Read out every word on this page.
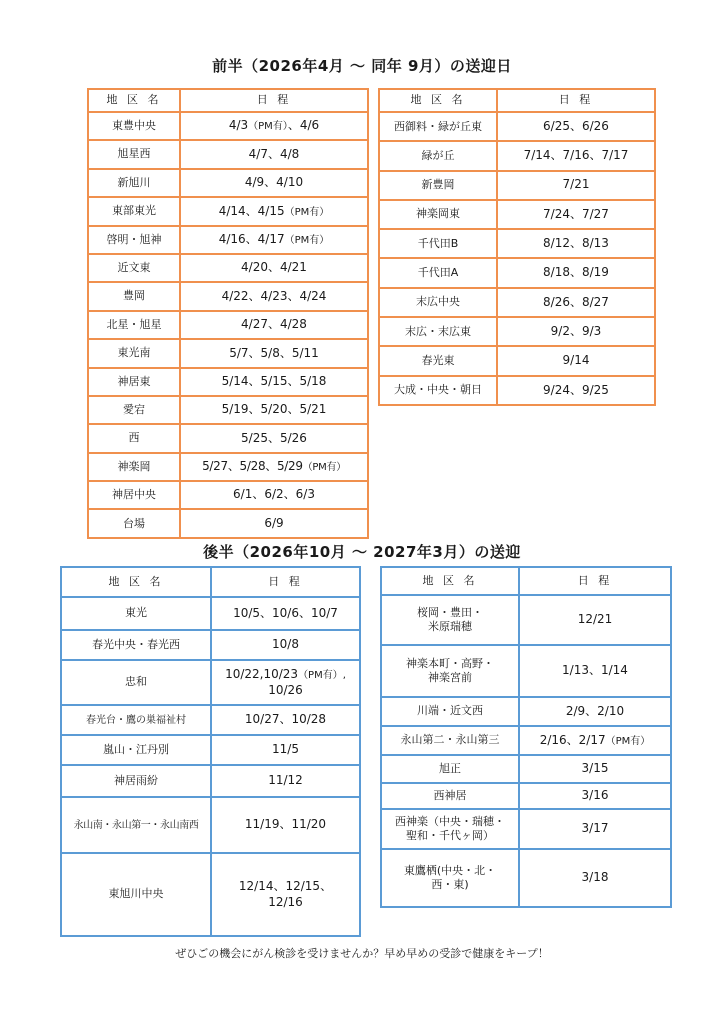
前半（2026年4月 ～ 同年 9月）の送迎日
地 区 名	日 程
東豊中央	4/3（PM有）、4/6
旭星西	4/7、4/8
新旭川	4/9、4/10
東部東光	4/14、4/15（PM有）
啓明・旭神	4/16、4/17（PM有）
近文東	4/20、4/21
豊岡	4/22、4/23、4/24
北星・旭星	4/27、4/28
東光南	5/7、5/8、5/11
神居東	5/14、5/15、5/18
愛宕	5/19、5/20、5/21
西	5/25、5/26
神楽岡	5/27、5/28、5/29（PM有）
神居中央	6/1、6/2、6/3
台場	6/9
地 区 名	日 程
西御料・緑が丘東	6/25、6/26
緑が丘	7/14、7/16、7/17
新豊岡	7/21
神楽岡東	7/24、7/27
千代田B	8/12、8/13
千代田A	8/18、8/19
末広中央	8/26、8/27
末広・末広東	9/2、9/3
春光東	9/14
大成・中央・朝日	9/24、9/25
後半（2026年10月 ～ 2027年3月）の送迎
地 区 名	日 程
東光	10/5、10/6、10/7
春光中央・春光西	10/8
忠和	10/22,10/23（PM有）,
10/26
春光台・鷹の巣福祉村	10/27、10/28
嵐山・江丹別	11/5
神居雨紛	11/12
永山南・永山第一・永山南西	11/19、11/20
東旭川中央	12/14、12/15、
12/16
地 区 名	日 程
桜岡・豊田・
米原瑞穂	12/21
神楽本町・高野・
神楽宮前	1/13、1/14
川端・近文西	2/9、2/10
永山第二・永山第三	2/16、2/17（PM有）
旭正	3/15
西神居	3/16
西神楽（中央・瑞穂・
聖和・千代ヶ岡）	3/17
東鷹栖(中央・北・
西・東)	3/18
ぜひごの機会にがん検診を受けませんか？早め早めの受診で健康をキープ！
